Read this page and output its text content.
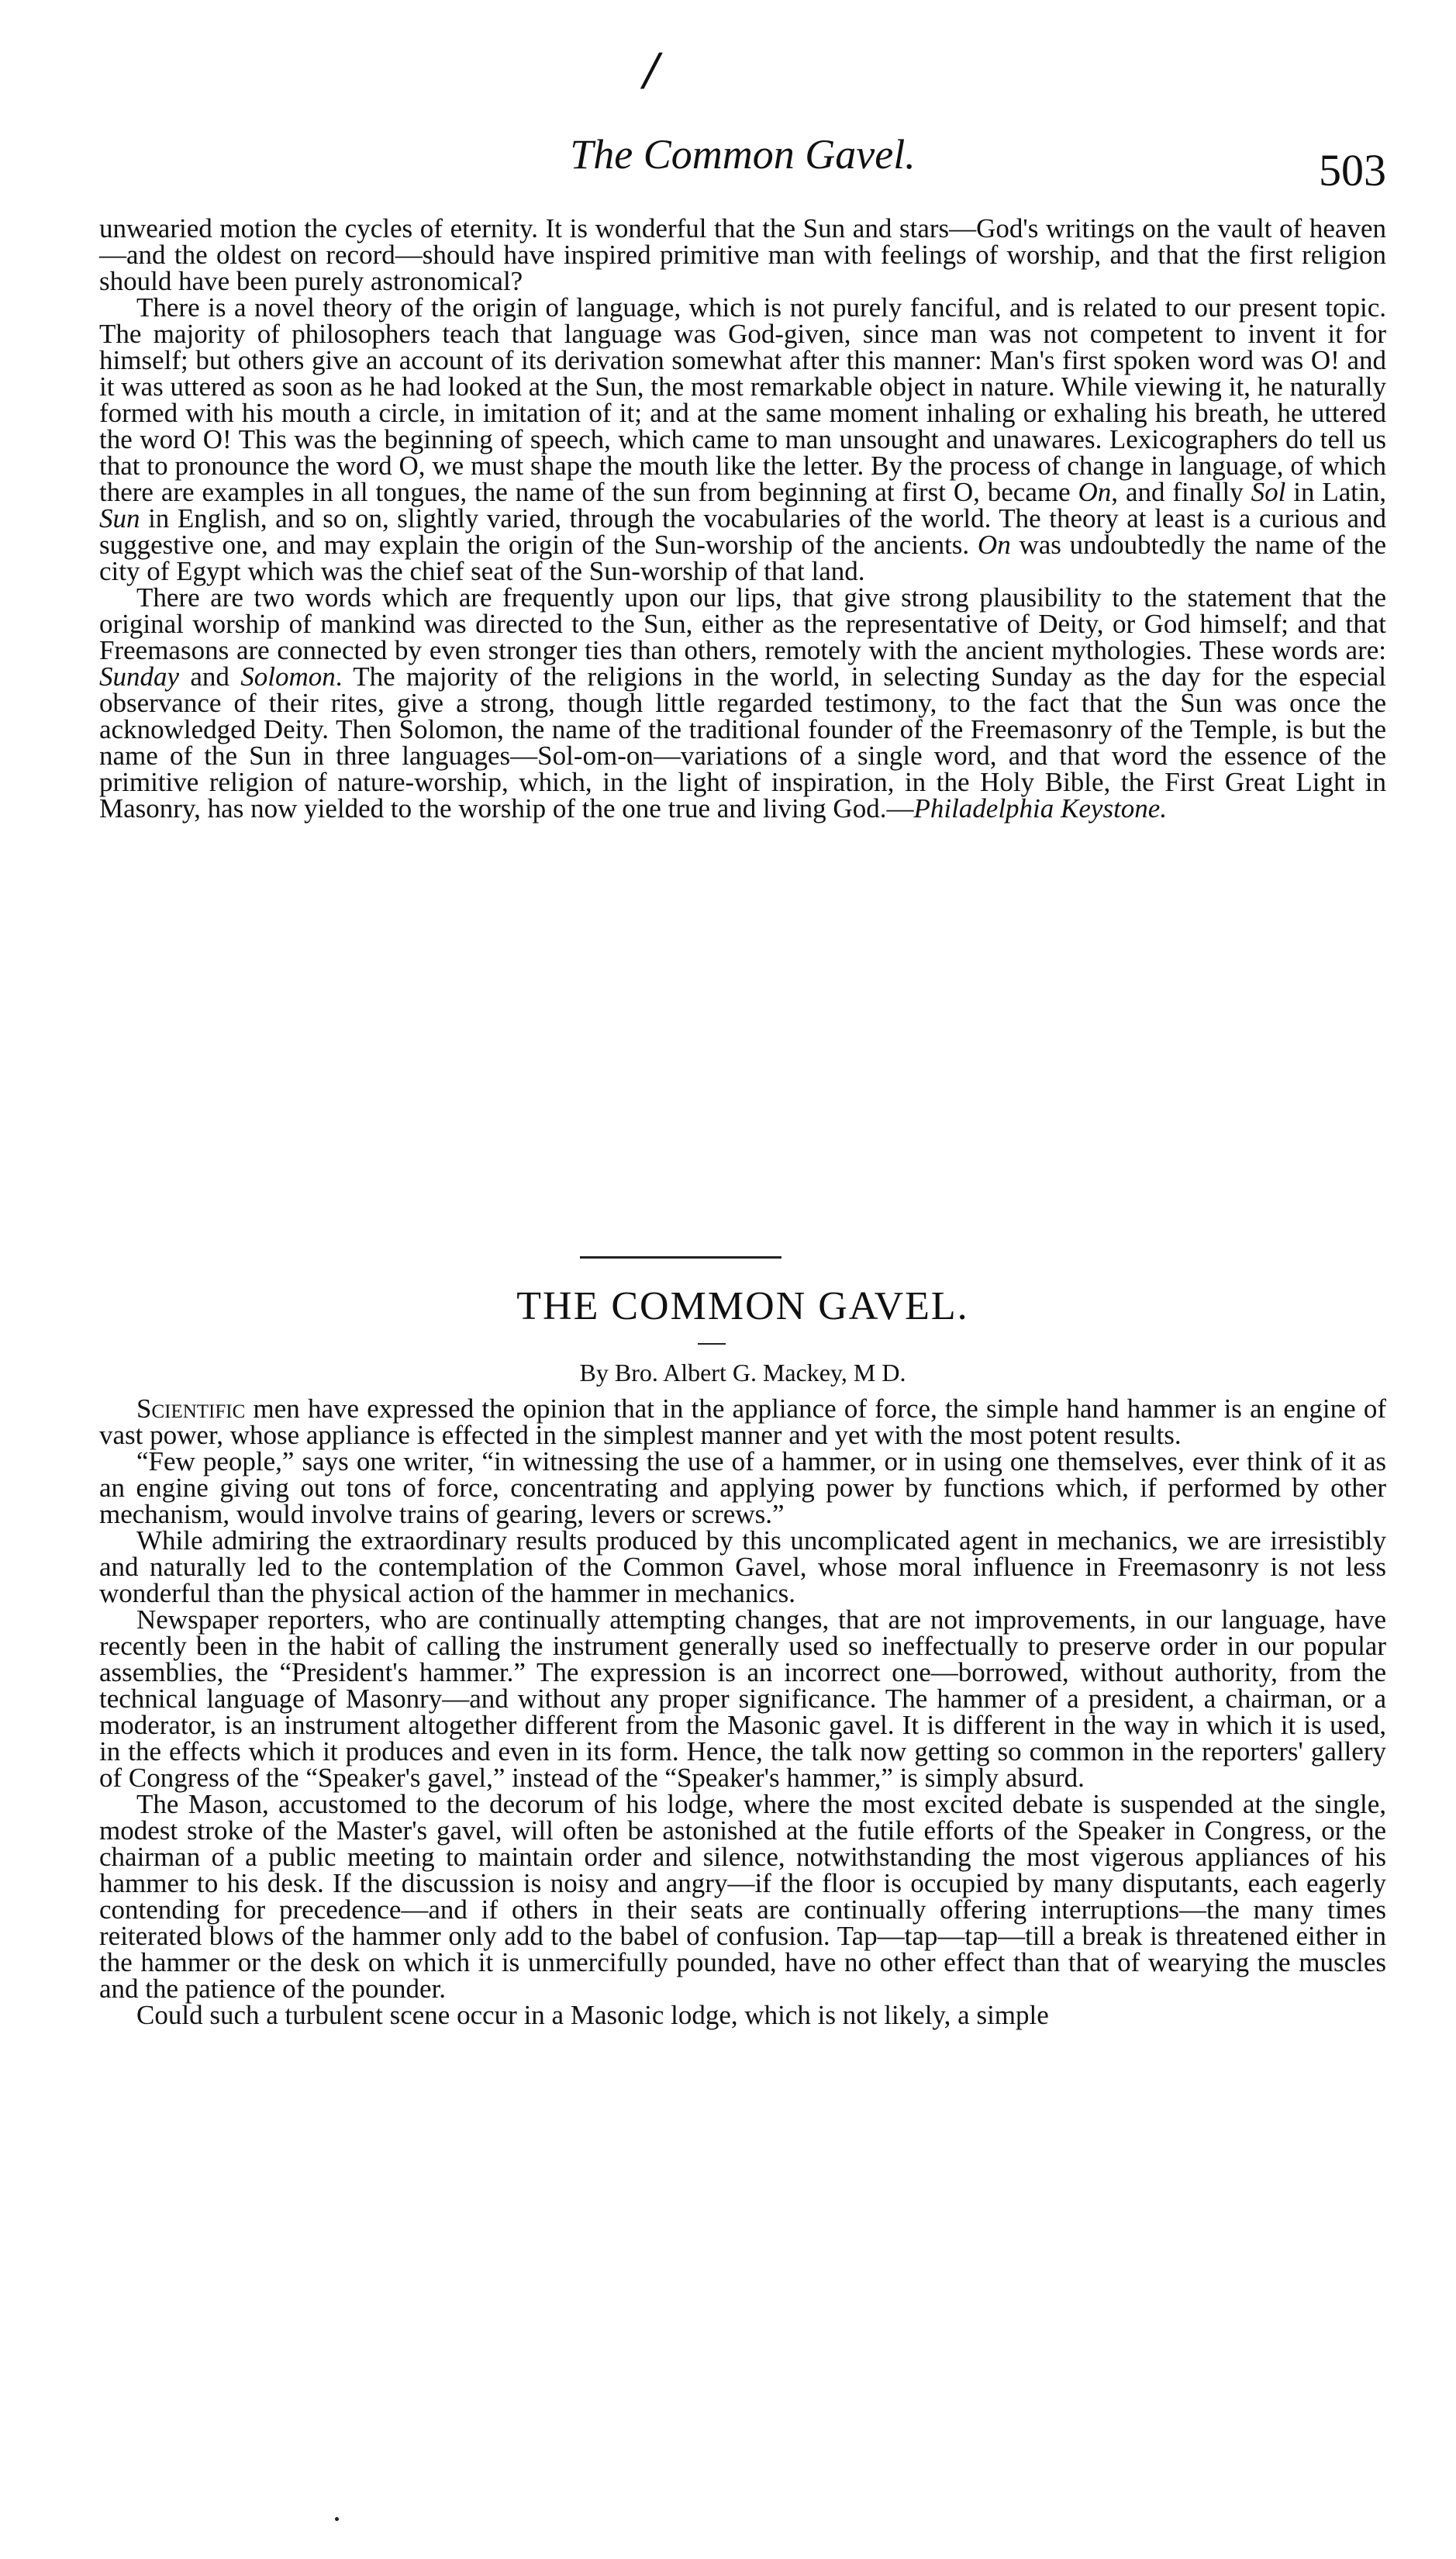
/
The Common Gavel.	503

unwearied motion the cycles of eternity. It is wonderful that the Sun and stars—God's writings on the vault of heaven—and the oldest on record—should have inspired primitive man with feelings of worship, and that the first religion should have been purely astronomical?

There is a novel theory of the origin of language, which is not purely fanciful, and is related to our present topic. The majority of philosophers teach that language was God-given, since man was not competent to invent it for himself; but others give an account of its derivation somewhat after this manner: Man's first spoken word was O! and it was uttered as soon as he had looked at the Sun, the most remarkable object in nature. While viewing it, he naturally formed with his mouth a circle, in imitation of it; and at the same moment inhaling or exhaling his breath, he uttered the word O! This was the beginning of speech, which came to man unsought and unawares. Lexicographers do tell us that to pronounce the word O, we must shape the mouth like the letter. By the process of change in language, of which there are examples in all tongues, the name of the sun from beginning at first O, became On, and finally Sol in Latin, Sun in English, and so on, slightly varied, through the vocabularies of the world. The theory at least is a curious and suggestive one, and may explain the origin of the Sun-worship of the ancients. On was undoubtedly the name of the city of Egypt which was the chief seat of the Sun-worship of that land.

There are two words which are frequently upon our lips, that give strong plausibility to the statement that the original worship of mankind was directed to the Sun, either as the representative of Deity, or God himself; and that Freemasons are connected by even stronger ties than others, remotely with the ancient mythologies. These words are: Sunday and Solomon. The majority of the religions in the world, in selecting Sunday as the day for the especial observance of their rites, give a strong, though little regarded testimony, to the fact that the Sun was once the acknowledged Deity. Then Solomon, the name of the traditional founder of the Freemasonry of the Temple, is but the name of the Sun in three languages—Sol-om-on—variations of a single word, and that word the essence of the primitive religion of nature-worship, which, in the light of inspiration, in the Holy Bible, the First Great Light in Masonry, has now yielded to the worship of the one true and living God.—Philadelphia Keystone.

THE COMMON GAVEL.
By Bro. Albert G. Mackey, M D.

Scientific men have expressed the opinion that in the appliance of force, the simple hand hammer is an engine of vast power, whose appliance is effected in the simplest manner and yet with the most potent results.

“Few people,” says one writer, “in witnessing the use of a hammer, or in using one themselves, ever think of it as an engine giving out tons of force, concentrating and applying power by functions which, if performed by other mechanism, would involve trains of gearing, levers or screws.”

While admiring the extraordinary results produced by this uncomplicated agent in mechanics, we are irresistibly and naturally led to the contemplation of the Common Gavel, whose moral influence in Freemasonry is not less wonderful than the physical action of the hammer in mechanics.

Newspaper reporters, who are continually attempting changes, that are not improvements, in our language, have recently been in the habit of calling the instrument generally used so ineffectually to preserve order in our popular assemblies, the “President's hammer.” The expression is an incorrect one—borrowed, without authority, from the technical language of Masonry—and without any proper significance. The hammer of a president, a chairman, or a moderator, is an instrument altogether different from the Masonic gavel. It is different in the way in which it is used, in the effects which it produces and even in its form. Hence, the talk now getting so common in the reporters' gallery of Congress of the “Speaker's gavel,” instead of the “Speaker's hammer,” is simply absurd.

The Mason, accustomed to the decorum of his lodge, where the most excited debate is suspended at the single, modest stroke of the Master's gavel, will often be astonished at the futile efforts of the Speaker in Congress, or the chairman of a public meeting to maintain order and silence, notwithstanding the most vigerous appliances of his hammer to his desk. If the discussion is noisy and angry—if the floor is occupied by many disputants, each eagerly contending for precedence—and if others in their seats are continually offering interruptions—the many times reiterated blows of the hammer only add to the babel of confusion. Tap—tap—tap—till a break is threatened either in the hammer or the desk on which it is unmercifully pounded, have no other effect than that of wearying the muscles and the patience of the pounder.

Could such a turbulent scene occur in a Masonic lodge, which is not likely, a simple
